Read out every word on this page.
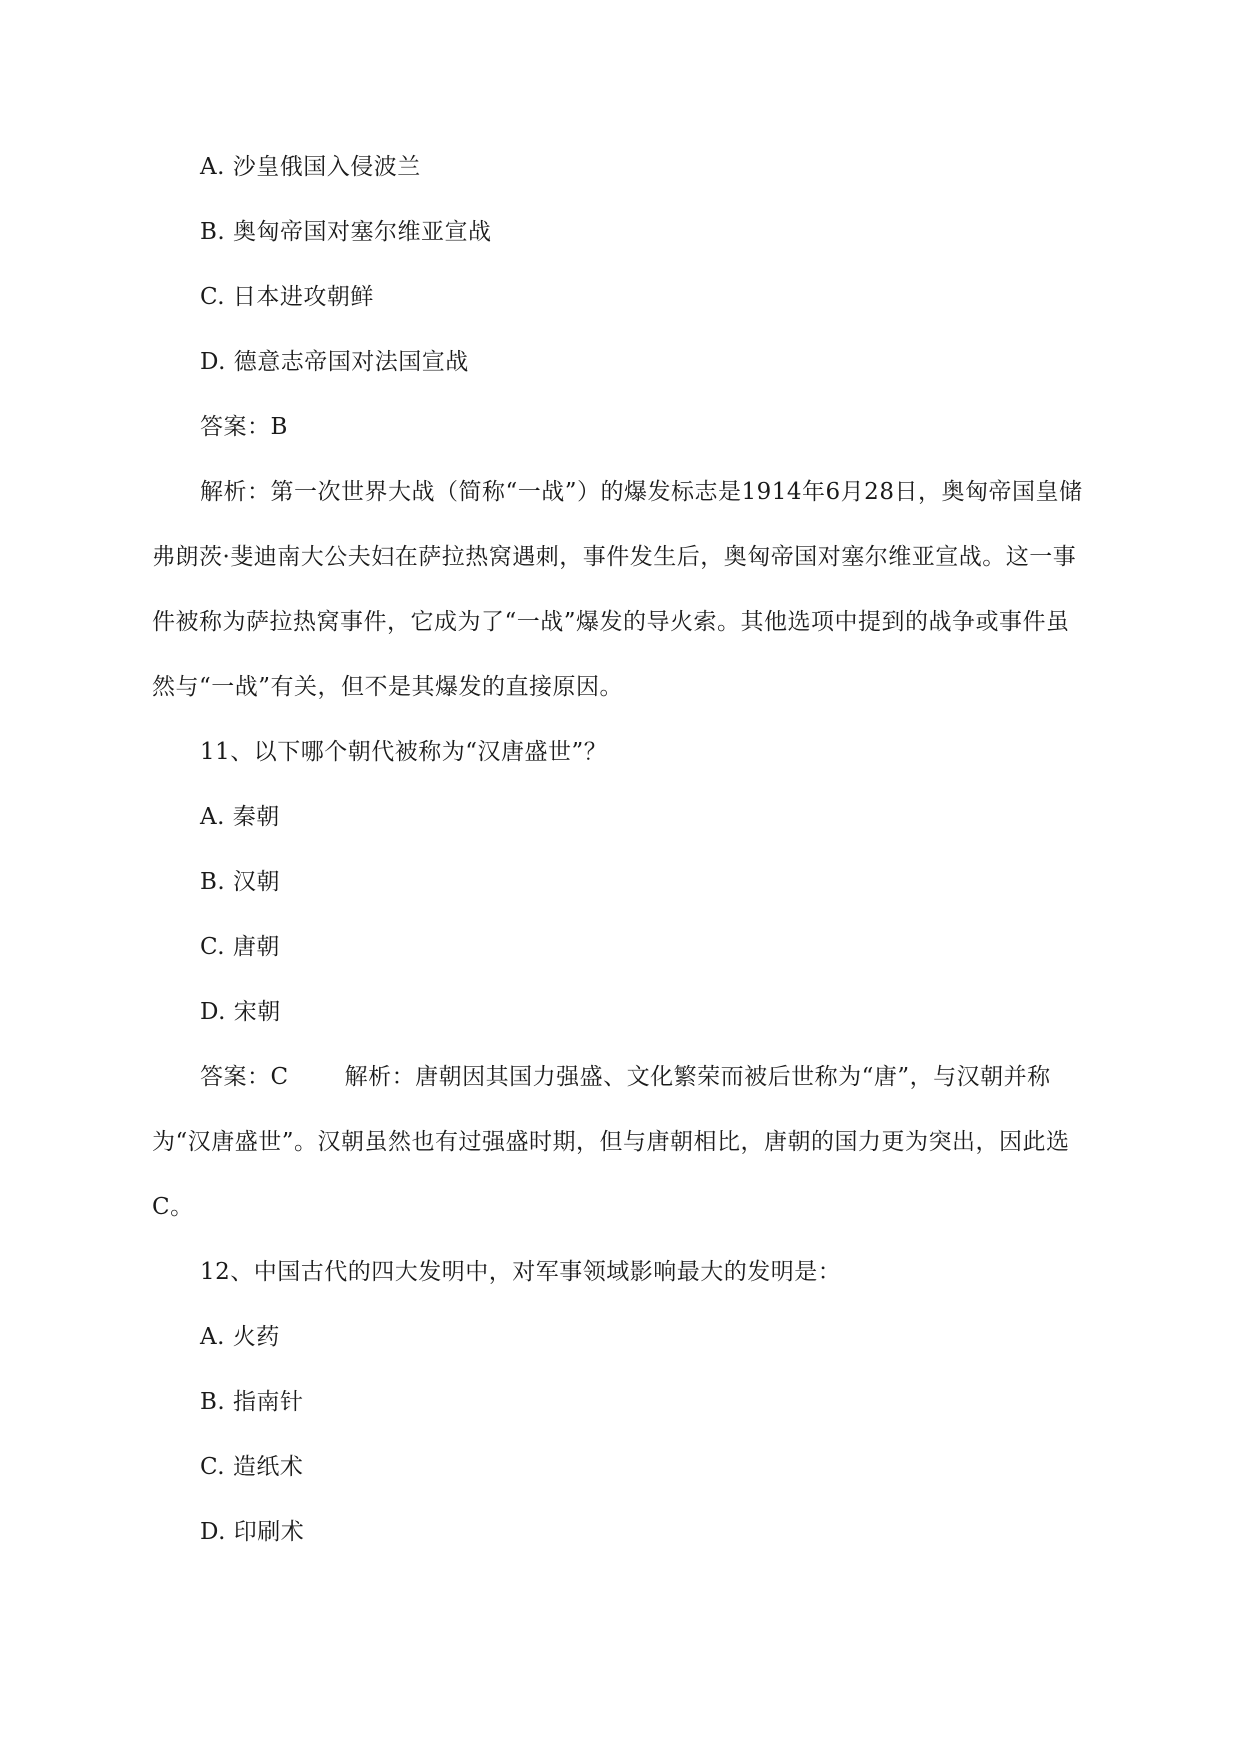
A. 沙皇俄国入侵波兰
B. 奥匈帝国对塞尔维亚宣战
C. 日本进攻朝鲜
D. 德意志帝国对法国宣战
答案：B
解析：第一次世界大战（简称“一战”）的爆发标志是1914年6月28日，奥匈帝国皇储弗朗茨·斐迪南大公夫妇在萨拉热窝遇刺，事件发生后，奥匈帝国对塞尔维亚宣战。这一事件被称为萨拉热窝事件，它成为了“一战”爆发的导火索。其他选项中提到的战争或事件虽然与“一战”有关，但不是其爆发的直接原因。
11、以下哪个朝代被称为“汉唐盛世”？
A. 秦朝
B. 汉朝
C. 唐朝
D. 宋朝
答案：C 解析：唐朝因其国力强盛、文化繁荣而被后世称为“唐”，与汉朝并称为“汉唐盛世”。汉朝虽然也有过强盛时期，但与唐朝相比，唐朝的国力更为突出，因此选C。
12、中国古代的四大发明中，对军事领域影响最大的发明是：
A. 火药
B. 指南针
C. 造纸术
D. 印刷术
